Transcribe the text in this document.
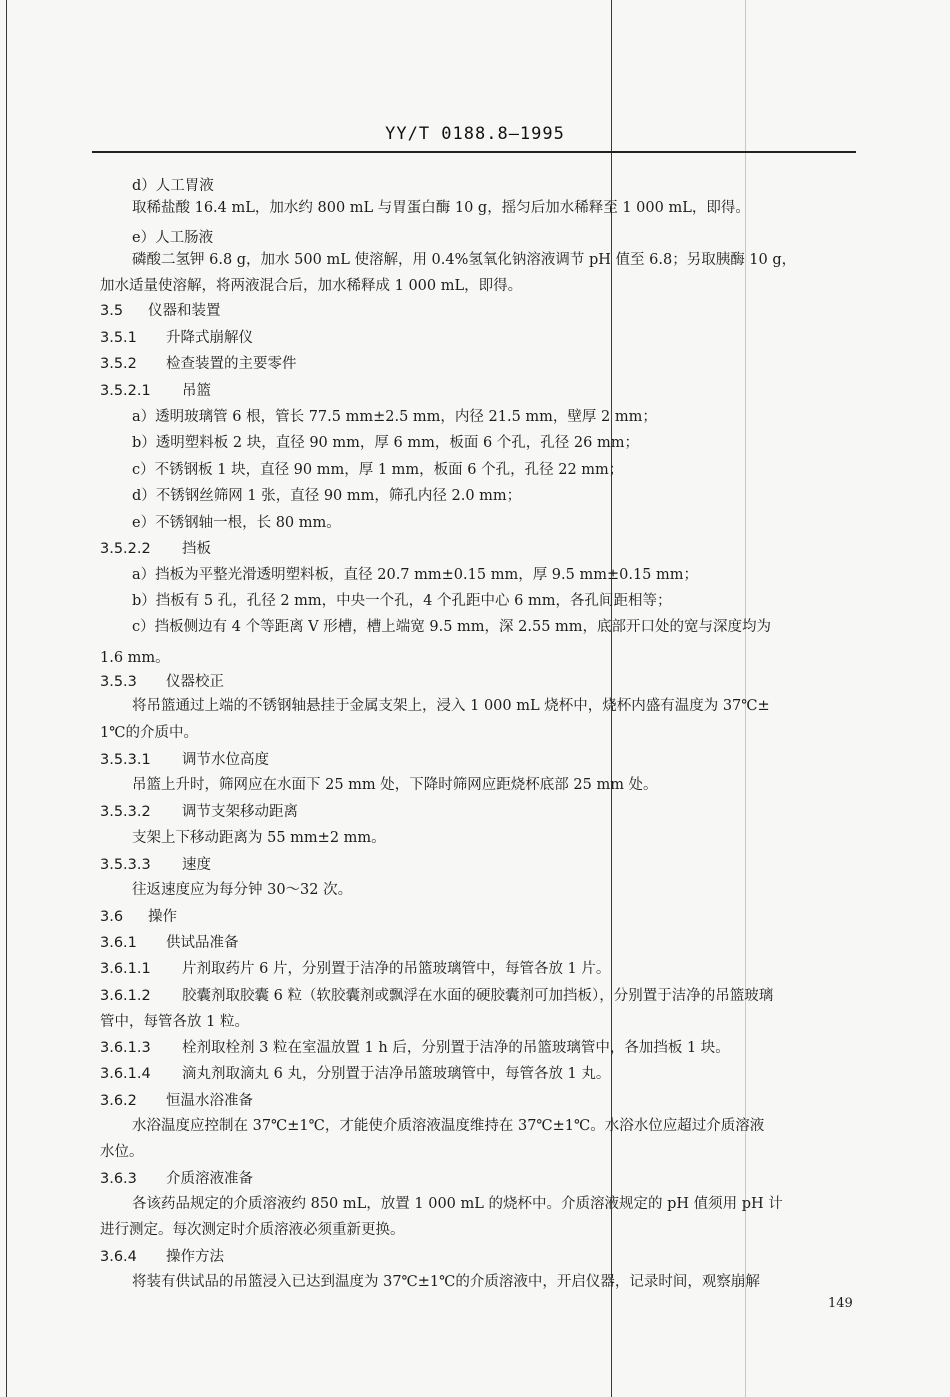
YY/T 0188.8—1995
d）人工胃液
取稀盐酸 16.4 mL，加水约 800 mL 与胃蛋白酶 10 g，摇匀后加水稀释至 1 000 mL，即得。
e）人工肠液
磷酸二氢钾 6.8 g，加水 500 mL 使溶解，用 0.4%氢氧化钠溶液调节 pH 值至 6.8；另取胰酶 10 g，
加水适量使溶解，将两液混合后，加水稀释成 1 000 mL，即得。
3.5 仪器和装置
3.5.1 升降式崩解仪
3.5.2 检查装置的主要零件
3.5.2.1 吊篮
a）透明玻璃管 6 根，管长 77.5 mm±2.5 mm，内径 21.5 mm，壁厚 2 mm；
b）透明塑料板 2 块，直径 90 mm，厚 6 mm，板面 6 个孔，孔径 26 mm；
c）不锈钢板 1 块，直径 90 mm，厚 1 mm，板面 6 个孔，孔径 22 mm；
d）不锈钢丝筛网 1 张，直径 90 mm，筛孔内径 2.0 mm；
e）不锈钢轴一根，长 80 mm。
3.5.2.2 挡板
a）挡板为平整光滑透明塑料板，直径 20.7 mm±0.15 mm，厚 9.5 mm±0.15 mm；
b）挡板有 5 孔，孔径 2 mm，中央一个孔，4 个孔距中心 6 mm，各孔间距相等；
c）挡板侧边有 4 个等距离 V 形槽，槽上端宽 9.5 mm，深 2.55 mm，底部开口处的宽与深度均为
1.6 mm。
3.5.3 仪器校正
将吊篮通过上端的不锈钢轴悬挂于金属支架上，浸入 1 000 mL 烧杯中，烧杯内盛有温度为 37℃±
1℃的介质中。
3.5.3.1 调节水位高度
吊篮上升时，筛网应在水面下 25 mm 处，下降时筛网应距烧杯底部 25 mm 处。
3.5.3.2 调节支架移动距离
支架上下移动距离为 55 mm±2 mm。
3.5.3.3 速度
往返速度应为每分钟 30～32 次。
3.6 操作
3.6.1 供试品准备
3.6.1.1 片剂取药片 6 片，分别置于洁净的吊篮玻璃管中，每管各放 1 片。
3.6.1.2 胶囊剂取胶囊 6 粒（软胶囊剂或飘浮在水面的硬胶囊剂可加挡板），分别置于洁净的吊篮玻璃
管中，每管各放 1 粒。
3.6.1.3 栓剂取栓剂 3 粒在室温放置 1 h 后，分别置于洁净的吊篮玻璃管中，各加挡板 1 块。
3.6.1.4 滴丸剂取滴丸 6 丸，分别置于洁净吊篮玻璃管中，每管各放 1 丸。
3.6.2 恒温水浴准备
水浴温度应控制在 37℃±1℃，才能使介质溶液温度维持在 37℃±1℃。水浴水位应超过介质溶液
水位。
3.6.3 介质溶液准备
各该药品规定的介质溶液约 850 mL，放置 1 000 mL 的烧杯中。介质溶液规定的 pH 值须用 pH 计
进行测定。每次测定时介质溶液必须重新更换。
3.6.4 操作方法
将装有供试品的吊篮浸入已达到温度为 37℃±1℃的介质溶液中，开启仪器，记录时间，观察崩解
149
